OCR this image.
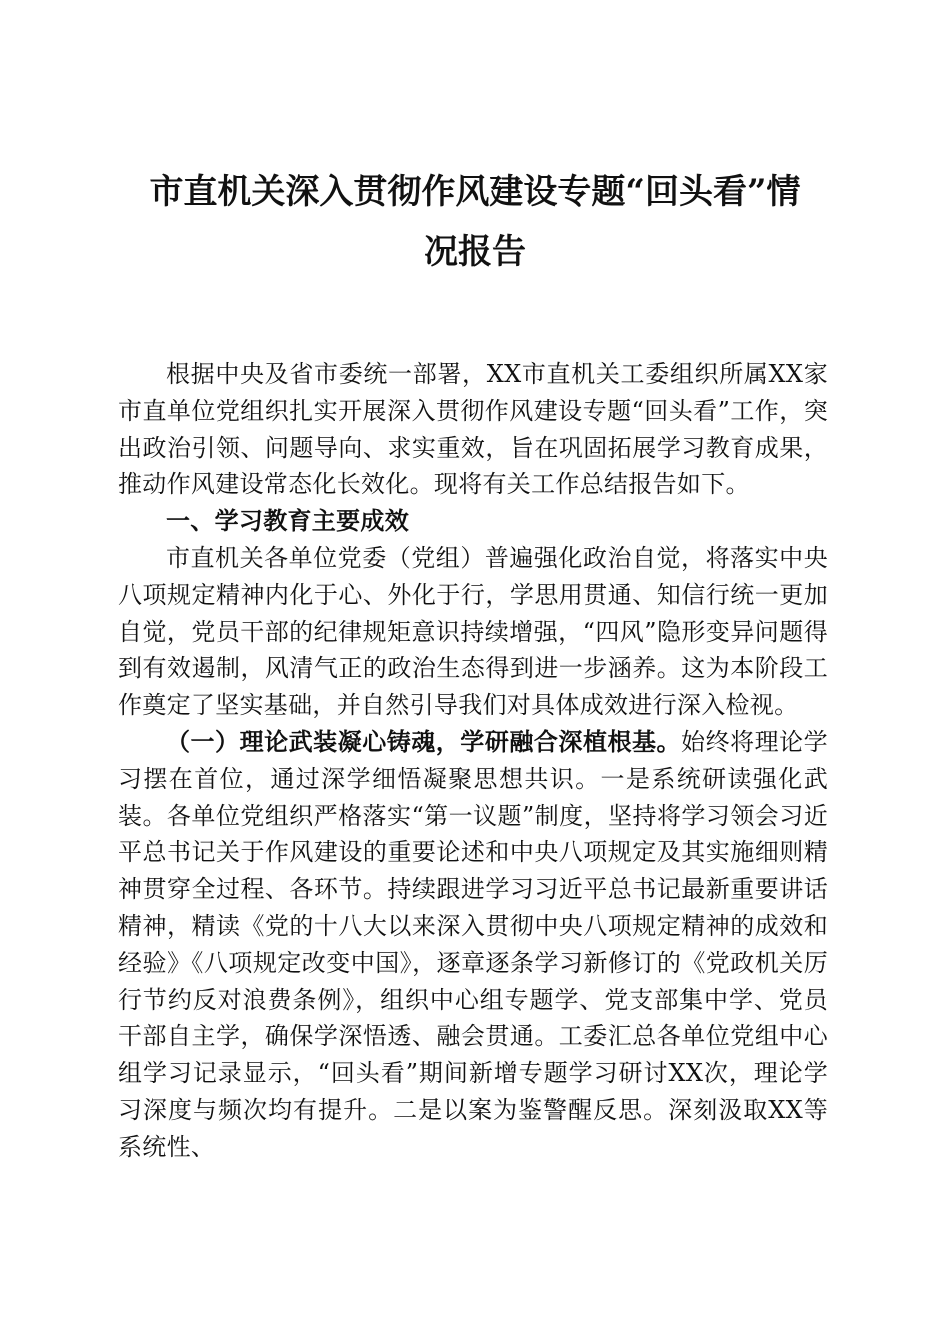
市直机关深入贯彻作风建设专题“回头看”情
况报告

根据中央及省市委统一部署，XX市直机关工委组织所属XX家市直单位党组织扎实开展深入贯彻作风建设专题“回头看”工作，突出政治引领、问题导向、求实重效，旨在巩固拓展学习教育成果，推动作风建设常态化长效化。现将有关工作总结报告如下。

一、学习教育主要成效

市直机关各单位党委（党组）普遍强化政治自觉，将落实中央八项规定精神内化于心、外化于行，学思用贯通、知信行统一更加自觉，党员干部的纪律规矩意识持续增强，“四风”隐形变异问题得到有效遏制，风清气正的政治生态得到进一步涵养。这为本阶段工作奠定了坚实基础，并自然引导我们对具体成效进行深入检视。

（一）理论武装凝心铸魂，学研融合深植根基。始终将理论学习摆在首位，通过深学细悟凝聚思想共识。一是系统研读强化武装。各单位党组织严格落实“第一议题”制度，坚持将学习领会习近平总书记关于作风建设的重要论述和中央八项规定及其实施细则精神贯穿全过程、各环节。持续跟进学习习近平总书记最新重要讲话精神，精读《党的十八大以来深入贯彻中央八项规定精神的成效和经验》《八项规定改变中国》，逐章逐条学习新修订的《党政机关厉行节约反对浪费条例》，组织中心组专题学、党支部集中学、党员干部自主学，确保学深悟透、融会贯通。工委汇总各单位党组中心组学习记录显示，“回头看”期间新增专题学习研讨XX次，理论学习深度与频次均有提升。二是以案为鉴警醒反思。深刻汲取XX等系统性、
